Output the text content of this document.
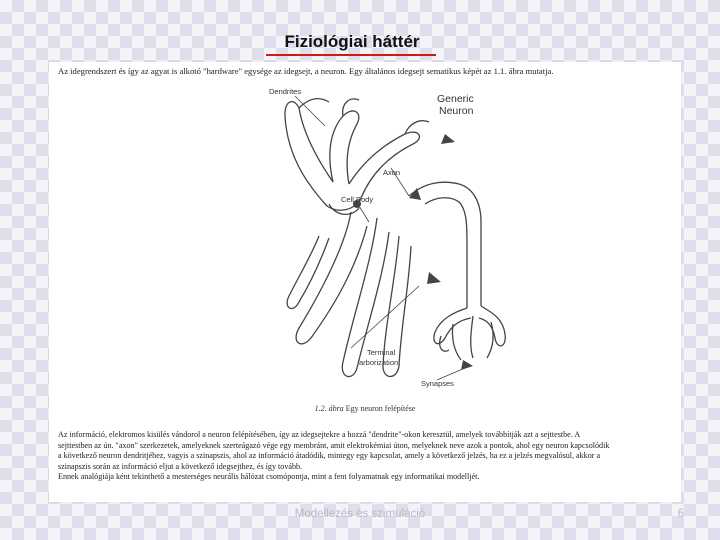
Fiziológiai háttér
Az idegrendszert és így az agyat is alkotó "hardware" egysége az idegsejt, a neuron. Egy általános idegsejt sematikus képét az 1.1. ábra mutatja.
Dendrites
Generic
Neuron
Axon
Cell Body
Terminal
arborization
Synapses
1.2. ábra Egy neuron felépítése
Az információ, elektromos kisülés vándorol a neuron felépítésében, így az idegsejtekre a hozzá "dendrite"-okon keresztül, amelyek továbbítják azt a sejttestbe. A
sejttestben az ún. "axon" szerkezetek, amelyeknek szerteágazó vége egy membránt, amit elektrokémiai úton, melyeknek neve azok a pontok, ahol egy neuron kapcsolódik
a következő neuron dendritjéhez, vagyis a szinapszis, ahol az információ átadódik, mintegy egy kapcsolat, amely a következő jelzés, ha ez a jelzés megvalósul, akkor a
szinapszis során az információ eljut a következő idegsejthez, és így tovább.
Ennek analógiája ként tekinthető a mesterséges neurális hálózat csomópontja, mint a fent folyamatnak egy informatikai modelljét.
Modellezés és szimuláció	6
